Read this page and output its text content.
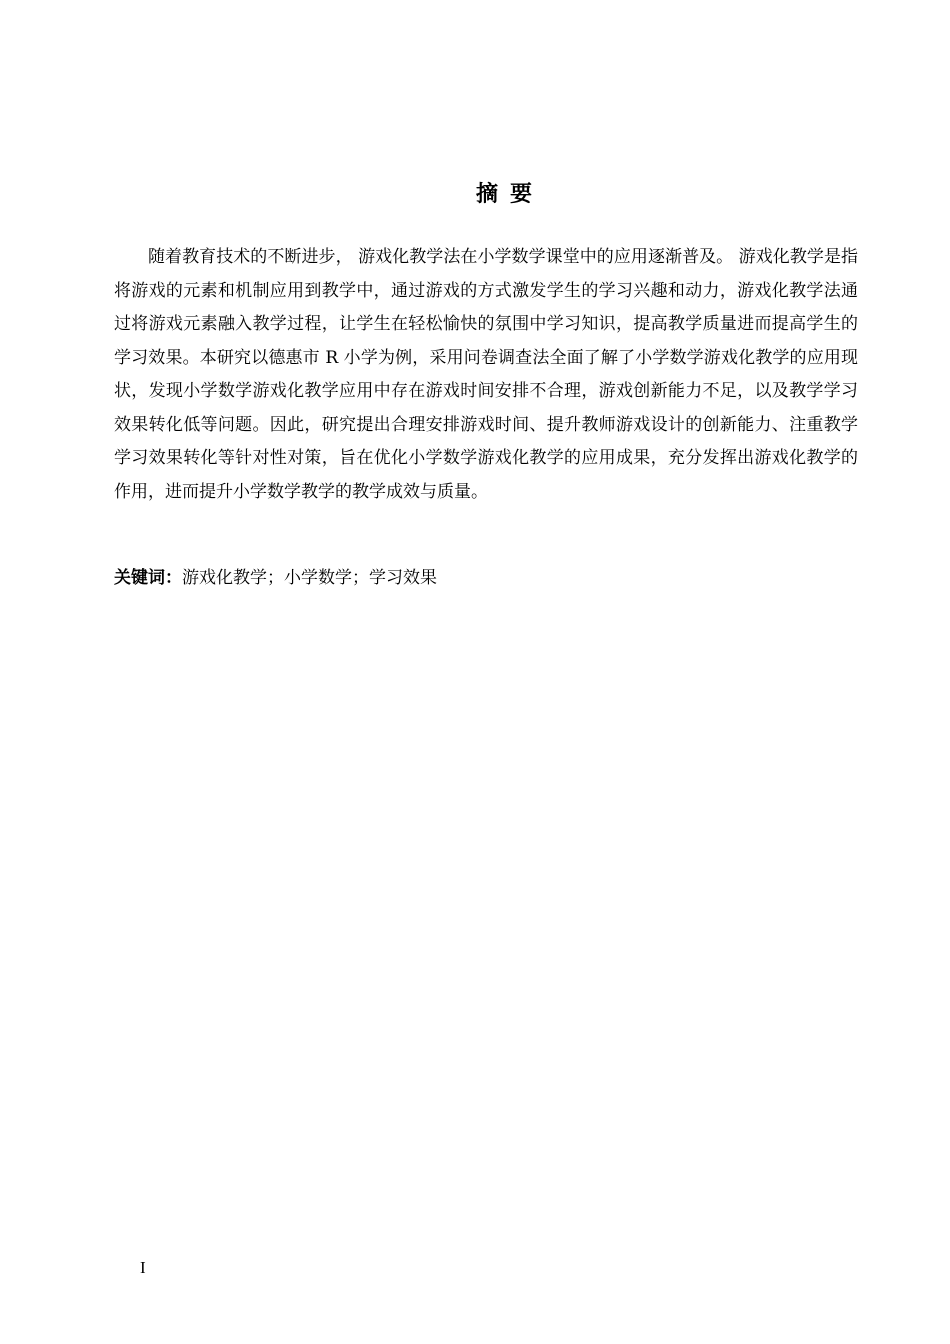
摘要

随着教育技术的不断进步， 游戏化教学法在小学数学课堂中的应用逐渐普及。 游戏化教学是指将游戏的元素和机制应用到教学中，通过游戏的方式激发学生的学习兴趣和动力，游戏化教学法通过将游戏元素融入教学过程，让学生在轻松愉快的氛围中学习知识，提高教学质量进而提高学生的学习效果。本研究以德惠市 R 小学为例，采用问卷调查法全面了解了小学数学游戏化教学的应用现状，发现小学数学游戏化教学应用中存在游戏时间安排不合理，游戏创新能力不足，以及教学学习效果转化低等问题。因此，研究提出合理安排游戏时间、提升教师游戏设计的创新能力、注重教学学习效果转化等针对性对策，旨在优化小学数学游戏化教学的应用成果，充分发挥出游戏化教学的作用，进而提升小学数学教学的教学成效与质量。

关键词：游戏化教学；小学数学；学习效果
I
